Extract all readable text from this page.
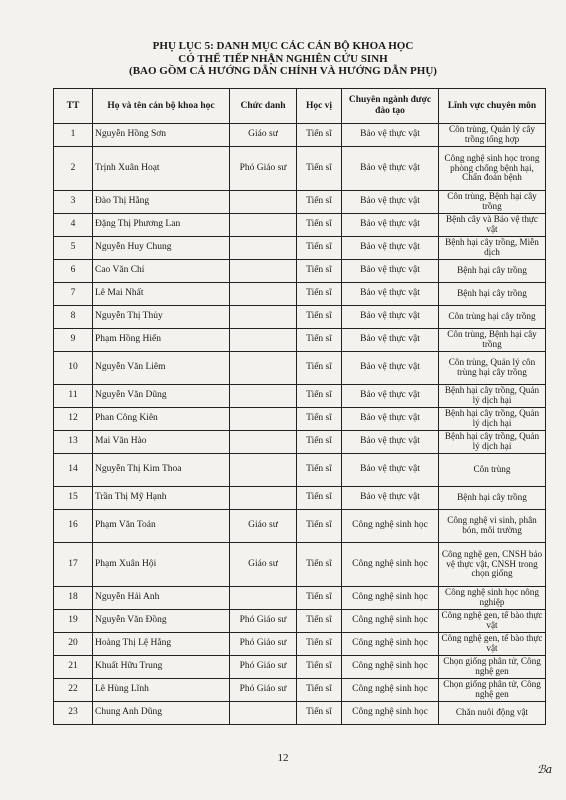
PHỤ LỤC 5: DANH MỤC CÁC CÁN BỘ KHOA HỌC
CÓ THỂ TIẾP NHẬN NGHIÊN CỨU SINH
(BAO GỒM CẢ HƯỚNG DẪN CHÍNH VÀ HƯỚNG DẪN PHỤ)
TT	Họ và tên cán bộ khoa học	Chức danh	Học vị	Chuyên ngành được đào tạo	Lĩnh vực chuyên môn
1	Nguyễn Hồng Sơn	Giáo sư	Tiến sĩ	Bảo vệ thực vật	Côn trùng, Quản lý cây trồng tổng hợp
2	Trịnh Xuân Hoạt	Phó Giáo sư	Tiến sĩ	Bảo vệ thực vật	Công nghệ sinh học trong phòng chống bệnh hại, Chẩn đoán bệnh
3	Đào Thị Hằng		Tiến sĩ	Bảo vệ thực vật	Côn trùng, Bệnh hại cây trồng
4	Đặng Thị Phương Lan		Tiến sĩ	Bảo vệ thực vật	Bệnh cây và Bảo vệ thực vật
5	Nguyễn Huy Chung		Tiến sĩ	Bảo vệ thực vật	Bệnh hại cây trồng, Miễn dịch
6	Cao Văn Chí		Tiến sĩ	Bảo vệ thực vật	Bệnh hại cây trồng
7	Lê Mai Nhất		Tiến sĩ	Bảo vệ thực vật	Bệnh hại cây trồng
8	Nguyễn Thị Thủy		Tiến sĩ	Bảo vệ thực vật	Côn trùng hại cây trồng
9	Phạm Hồng Hiển		Tiến sĩ	Bảo vệ thực vật	Côn trùng, Bệnh hại cây trồng
10	Nguyễn Văn Liêm		Tiến sĩ	Bảo vệ thực vật	Côn trùng, Quản lý côn trùng hại cây trồng
11	Nguyễn Văn Dũng		Tiến sĩ	Bảo vệ thực vật	Bệnh hại cây trồng, Quản lý dịch hại
12	Phan Công Kiên		Tiến sĩ	Bảo vệ thực vật	Bệnh hại cây trồng, Quản lý dịch hại
13	Mai Văn Hào		Tiến sĩ	Bảo vệ thực vật	Bệnh hại cây trồng, Quản lý dịch hại
14	Nguyễn Thị Kim Thoa		Tiến sĩ	Bảo vệ thực vật	Côn trùng
15	Trần Thị Mỹ Hạnh		Tiến sĩ	Bảo vệ thực vật	Bệnh hại cây trồng
16	Phạm Văn Toản	Giáo sư	Tiến sĩ	Công nghệ sinh học	Công nghệ vi sinh, phân bón, môi trường
17	Phạm Xuân Hội	Giáo sư	Tiến sĩ	Công nghệ sinh học	Công nghệ gen, CNSH bảo vệ thực vật, CNSH trong chọn giống
18	Nguyễn Hải Anh		Tiến sĩ	Công nghệ sinh học	Công nghệ sinh học nông nghiệp
19	Nguyễn Văn Đồng	Phó Giáo sư	Tiến sĩ	Công nghệ sinh học	Công nghệ gen, tế bào thực vật
20	Hoàng Thị Lệ Hằng	Phó Giáo sư	Tiến sĩ	Công nghệ sinh học	Công nghệ gen, tế bào thực vật
21	Khuất Hữu Trung	Phó Giáo sư	Tiến sĩ	Công nghệ sinh học	Chọn giống phân tử, Công nghệ gen
22	Lê Hùng Lĩnh	Phó Giáo sư	Tiến sĩ	Công nghệ sinh học	Chọn giống phân tử, Công nghệ gen
23	Chung Anh Dũng		Tiến sĩ	Công nghệ sinh học	Chăn nuôi động vật
12
ℬa
